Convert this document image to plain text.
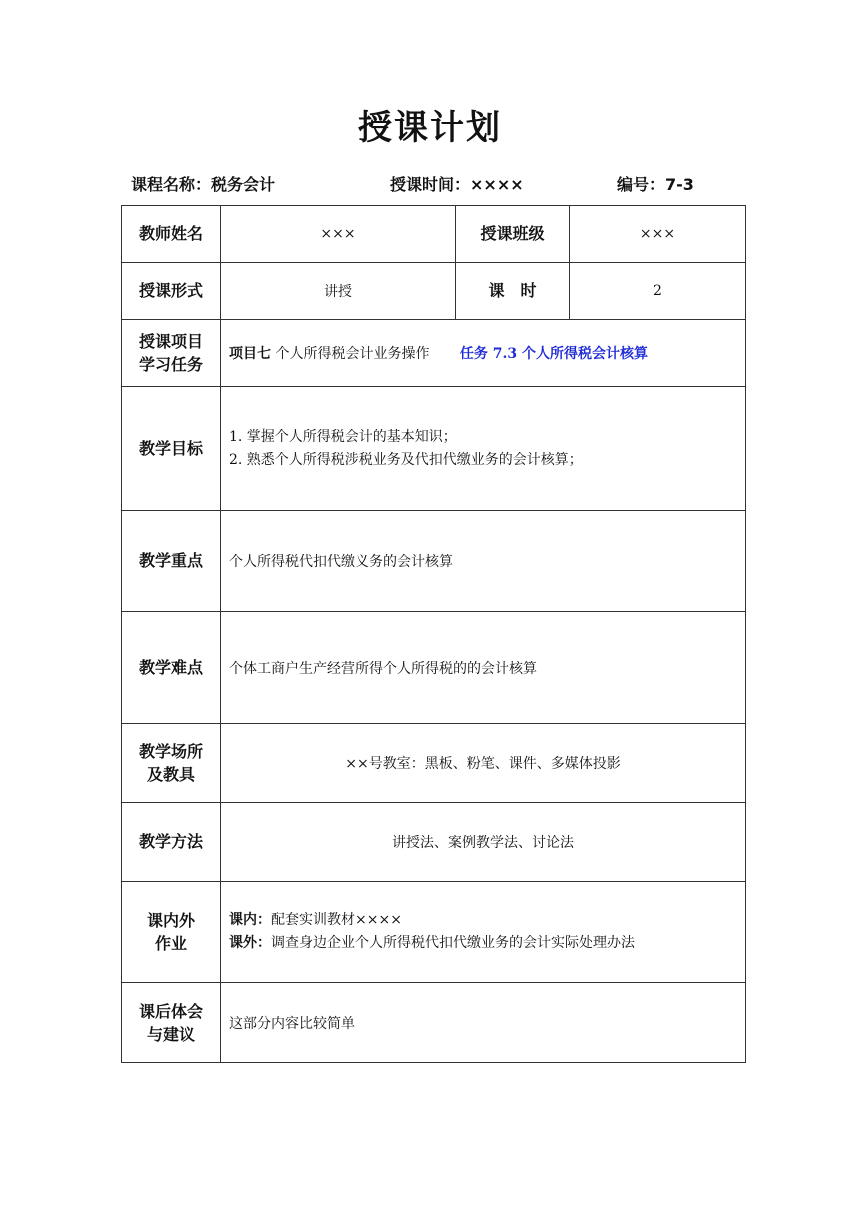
授课计划
课程名称：税务会计	授课时间：××××	编号：7-3
教师姓名	×××	授课班级	×××
授课形式	讲授	课　时	2

授课项目
学习任务	项目七 个人所得税会计业务操作 任务 7.3 个人所得税会计核算		
教学目标	1. 掌握个人所得税会计的基本知识；
2. 熟悉个人所得税涉税业务及代扣代缴业务的会计核算；		

教学重点	个人所得税代扣代缴义务的会计核算		
教学难点	个体工商户生产经营所得个人所得税的的会计核算		

教学场所
及教具	××号教室：黑板、粉笔、课件、多媒体投影		
教学方法	讲授法、案例教学法、讨论法		

课内外
作业	课内：配套实训教材××××
课外：调查身边企业个人所得税代扣代缴业务的会计实际处理办法		

课后体会
与建议	这部分内容比较简单		
